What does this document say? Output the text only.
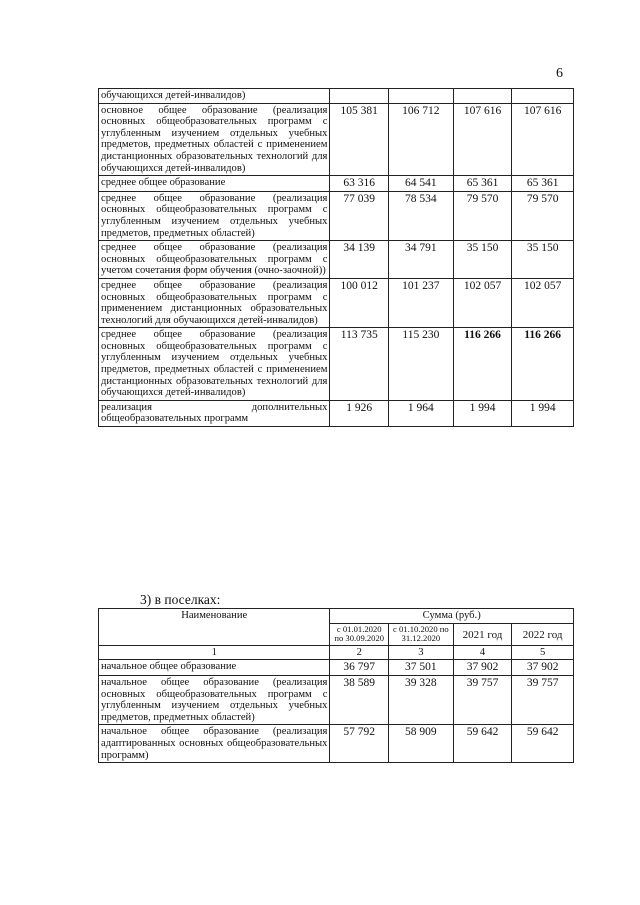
6
обучающихся детей-инвалидов)				
основное общее образование (реализация основных общеобразовательных программ с углубленным изучением отдельных учебных предметов, предметных областей с применением дистанционных образовательных технологий для обучающихся детей-инвалидов)	105 381	106 712	107 616	107 616
среднее общее образование	63 316	64 541	65 361	65 361
среднее общее образование (реализация основных общеобразовательных программ с углубленным изучением отдельных учебных предметов, предметных областей)	77 039	78 534	79 570	79 570
среднее общее образование (реализация основных общеобразовательных программ с учетом сочетания форм обучения (очно-заочной))	34 139	34 791	35 150	35 150
среднее общее образование (реализация основных общеобразовательных программ с применением дистанционных образовательных технологий для обучающихся детей-инвалидов)	100 012	101 237	102 057	102 057
среднее общее образование (реализация основных общеобразовательных программ с углубленным изучением отдельных учебных предметов, предметных областей с применением дистанционных образовательных технологий для обучающихся детей-инвалидов)	113 735	115 230	116 266	116 266
реализация дополнительных общеобразовательных программ	1 926	1 964	1 994	1 994
3) в поселках:
Наименование	Сумма (руб.)			
	с 01.01.2020 по 30.09.2020	с 01.10.2020 по 31.12.2020	2021 год	2022 год
1	2	3	4	5
начальное общее образование	36 797	37 501	37 902	37 902
начальное общее образование (реализация основных общеобразовательных программ с углубленным изучением отдельных учебных предметов, предметных областей)	38 589	39 328	39 757	39 757
начальное общее образование (реализация адаптированных основных общеобразовательных программ)	57 792	58 909	59 642	59 642
